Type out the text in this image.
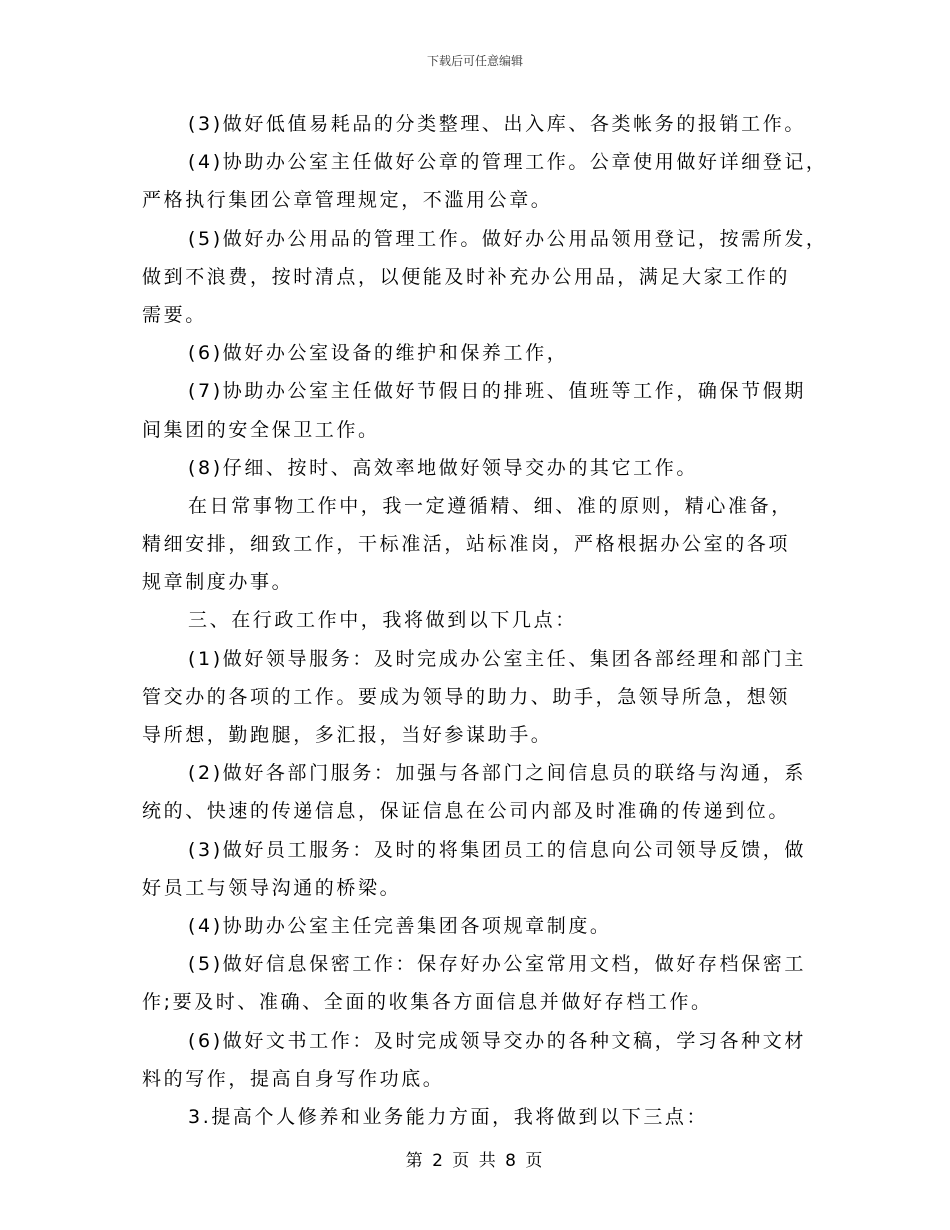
下载后可任意编辑
(3)做好低值易耗品的分类整理、出入库、各类帐务的报销工作。
(4)协助办公室主任做好公章的管理工作。公章使用做好详细登记，
严格执行集团公章管理规定，不滥用公章。
(5)做好办公用品的管理工作。做好办公用品领用登记，按需所发，
做到不浪费，按时清点，以便能及时补充办公用品，满足大家工作的
需要。
(6)做好办公室设备的维护和保养工作，
(7)协助办公室主任做好节假日的排班、值班等工作，确保节假期
间集团的安全保卫工作。
(8)仔细、按时、高效率地做好领导交办的其它工作。
在日常事物工作中，我一定遵循精、细、准的原则，精心准备，
精细安排，细致工作，干标准活，站标准岗，严格根据办公室的各项
规章制度办事。
三、在行政工作中，我将做到以下几点：
(1)做好领导服务：及时完成办公室主任、集团各部经理和部门主
管交办的各项的工作。要成为领导的助力、助手，急领导所急，想领
导所想，勤跑腿，多汇报，当好参谋助手。
(2)做好各部门服务：加强与各部门之间信息员的联络与沟通，系
统的、快速的传递信息，保证信息在公司内部及时准确的传递到位。
(3)做好员工服务：及时的将集团员工的信息向公司领导反馈，做
好员工与领导沟通的桥梁。
(4)协助办公室主任完善集团各项规章制度。
(5)做好信息保密工作：保存好办公室常用文档，做好存档保密工
作;要及时、准确、全面的收集各方面信息并做好存档工作。
(6)做好文书工作：及时完成领导交办的各种文稿，学习各种文材
料的写作，提高自身写作功底。
3.提高个人修养和业务能力方面，我将做到以下三点：
第 2 页 共 8 页
